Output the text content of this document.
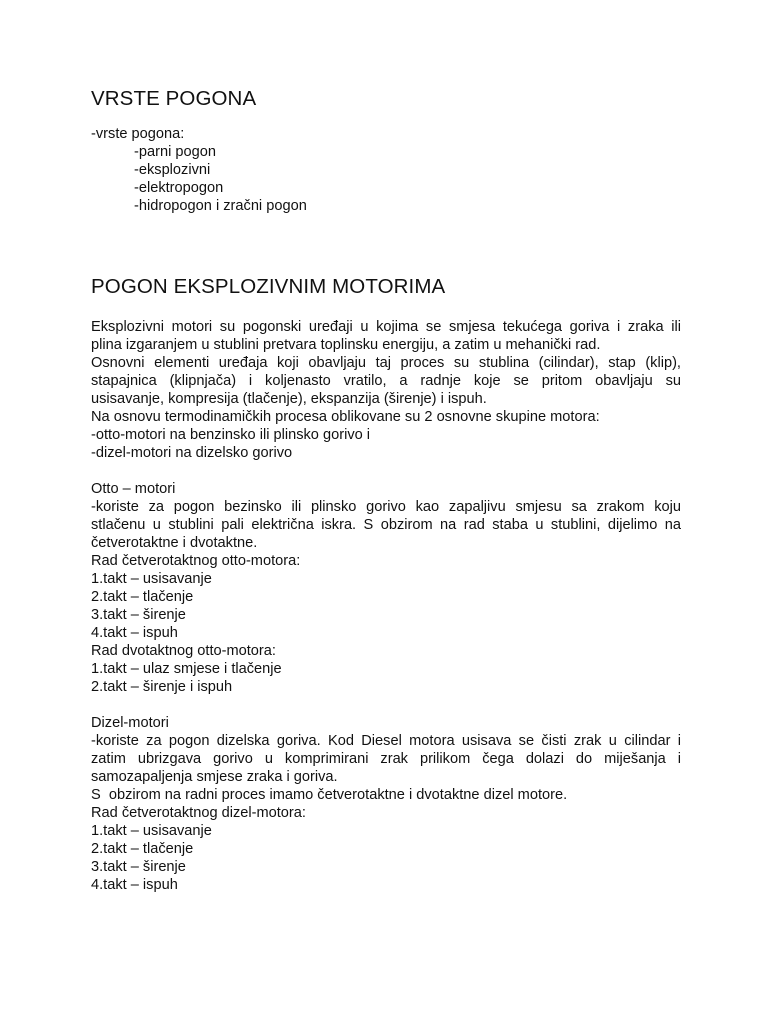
VRSTE POGONA
-vrste pogona:
-parni pogon
-eksplozivni
-elektropogon
-hidropogon i zračni pogon
POGON EKSPLOZIVNIM MOTORIMA
Eksplozivni motori su pogonski uređaji u kojima se smjesa tekućega goriva i zraka ili
plina izgaranjem u stublini pretvara toplinsku energiju, a zatim u mehanički rad.
Osnovni elementi uređaja koji obavljaju taj proces su stublina (cilindar), stap (klip),
stapajnica (klipnjača) i koljenasto vratilo, a radnje koje se pritom obavljaju su
usisavanje, kompresija (tlačenje), ekspanzija (širenje) i ispuh.
Na osnovu termodinamičkih procesa oblikovane su 2 osnovne skupine motora:
-otto-motori na benzinsko ili plinsko gorivo i
-dizel-motori na dizelsko gorivo
Otto – motori
-koriste za pogon bezinsko ili plinsko gorivo kao zapaljivu smjesu sa zrakom koju
stlačenu u stublini pali električna iskra. S obzirom na rad staba u stublini, dijelimo na
četverotaktne i dvotaktne.
Rad četverotaktnog otto-motora:
1.takt – usisavanje
2.takt – tlačenje
3.takt – širenje
4.takt – ispuh
Rad dvotaktnog otto-motora:
1.takt – ulaz smjese i tlačenje
2.takt – širenje i ispuh
Dizel-motori
-koriste za pogon dizelska goriva. Kod Diesel motora usisava se čisti zrak u cilindar i
zatim ubrizgava gorivo u komprimirani zrak prilikom čega dolazi do miješanja i
samozapaljenja smjese zraka i goriva.
S  obzirom na radni proces imamo četverotaktne i dvotaktne dizel motore.
Rad četverotaktnog dizel-motora:
1.takt – usisavanje
2.takt – tlačenje
3.takt – širenje
4.takt – ispuh
